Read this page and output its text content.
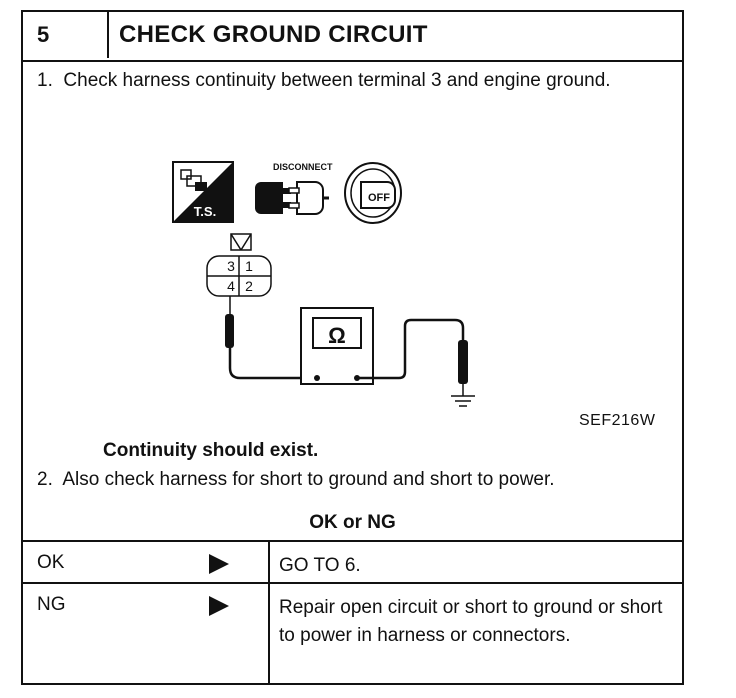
5	CHECK GROUND CIRCUIT
1. Check harness continuity between terminal 3 and engine ground.
T.S.
DISCONNECT
OFF
3 1
4 2
Ω
SEF216W
Continuity should exist.
2. Also check harness for short to ground and short to power.
OK or NG
OK	GO TO 6.
NG	Repair open circuit or short to ground or short to power in harness or connectors.
